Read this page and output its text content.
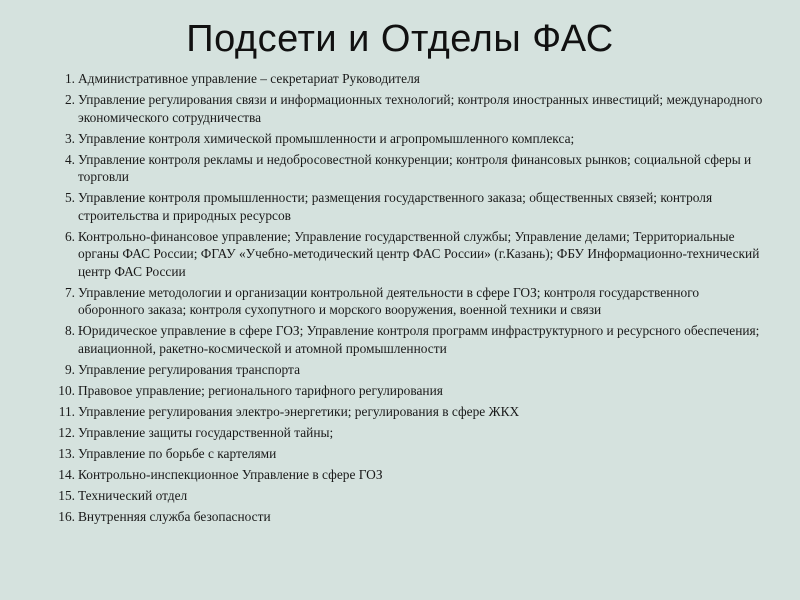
Подсети и Отделы ФАС
1. Административное управление – секретариат Руководителя
2. Управление регулирования связи и информационных технологий; контроля иностранных инвестиций; международного экономического сотрудничества
3. Управление контроля химической промышленности и агропромышленного комплекса;
4. Управление контроля рекламы и недобросовестной конкуренции; контроля финансовых рынков; социальной сферы и торговли
5. Управление контроля промышленности; размещения государственного заказа; общественных связей; контроля строительства и природных ресурсов
6. Контрольно-финансовое управление; Управление государственной службы; Управление делами; Территориальные органы ФАС России; ФГАУ «Учебно-методический центр ФАС России» (г.Казань); ФБУ Информационно-технический центр ФАС России
7. Управление методологии и организации контрольной деятельности в сфере ГОЗ; контроля государственного оборонного заказа; контроля сухопутного и морского вооружения, военной техники и связи
8. Юридическое управление в сфере ГОЗ; Управление контроля программ инфраструктурного и ресурсного обеспечения; авиационной, ракетно-космической и атомной промышленности
9. Управление регулирования транспорта
10. Правовое управление; регионального тарифного регулирования
11. Управление регулирования электро-энергетики; регулирования в сфере ЖКХ
12. Управление защиты государственной тайны;
13. Управление по борьбе с картелями
14. Контрольно-инспекционное Управление в сфере ГОЗ
15. Технический отдел
16. Внутренняя служба безопасности
